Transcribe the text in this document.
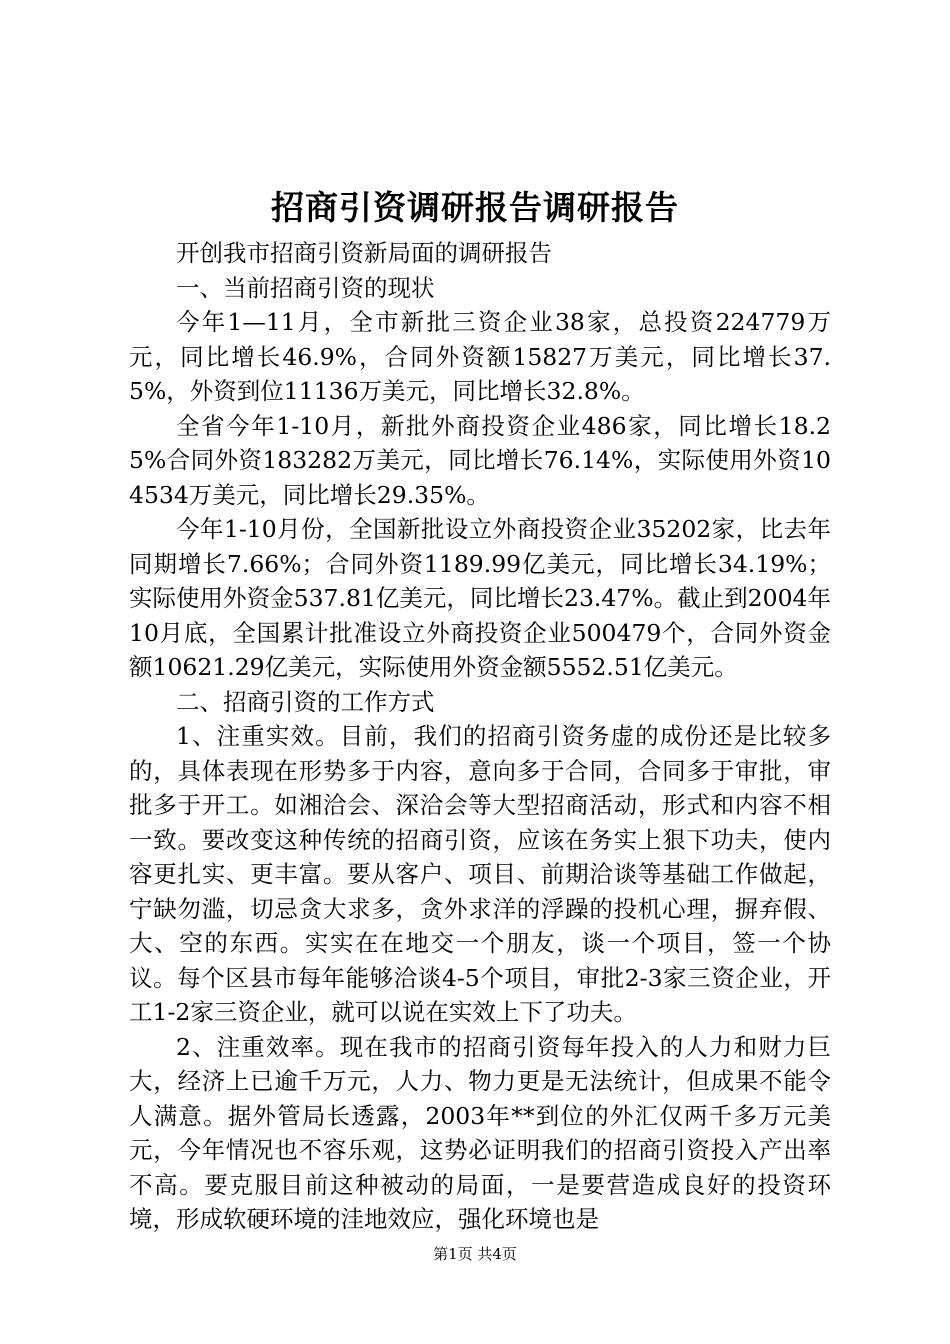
招商引资调研报告调研报告

开创我市招商引资新局面的调研报告

一、当前招商引资的现状

今年1—11月，全市新批三资企业38家，总投资224779万元，同比增长46.9%，合同外资额15827万美元，同比增长37.5%，外资到位11136万美元，同比增长32.8%。

全省今年1-10月，新批外商投资企业486家，同比增长18.25%合同外资183282万美元，同比增长76.14%，实际使用外资104534万美元，同比增长29.35%。

今年1-10月份，全国新批设立外商投资企业35202家，比去年同期增长7.66%；合同外资1189.99亿美元，同比增长34.19%；实际使用外资金537.81亿美元，同比增长23.47%。截止到2004年10月底，全国累计批准设立外商投资企业500479个，合同外资金额10621.29亿美元，实际使用外资金额5552.51亿美元。

二、招商引资的工作方式

1、注重实效。目前，我们的招商引资务虚的成份还是比较多的，具体表现在形势多于内容，意向多于合同，合同多于审批，审批多于开工。如湘洽会、深洽会等大型招商活动，形式和内容不相一致。要改变这种传统的招商引资，应该在务实上狠下功夫，使内容更扎实、更丰富。要从客户、项目、前期洽谈等基础工作做起，宁缺勿滥，切忌贪大求多，贪外求洋的浮躁的投机心理，摒弃假、大、空的东西。实实在在地交一个朋友，谈一个项目，签一个协议。每个区县市每年能够洽谈4-5个项目，审批2-3家三资企业，开工1-2家三资企业，就可以说在实效上下了功夫。

2、注重效率。现在我市的招商引资每年投入的人力和财力巨大，经济上已逾千万元，人力、物力更是无法统计，但成果不能令人满意。据外管局长透露，2003年**到位的外汇仅两千多万元美元，今年情况也不容乐观，这势必证明我们的招商引资投入产出率不高。要克服目前这种被动的局面，一是要营造成良好的投资环境，形成软硬环境的洼地效应，强化环境也是

第1页 共4页
